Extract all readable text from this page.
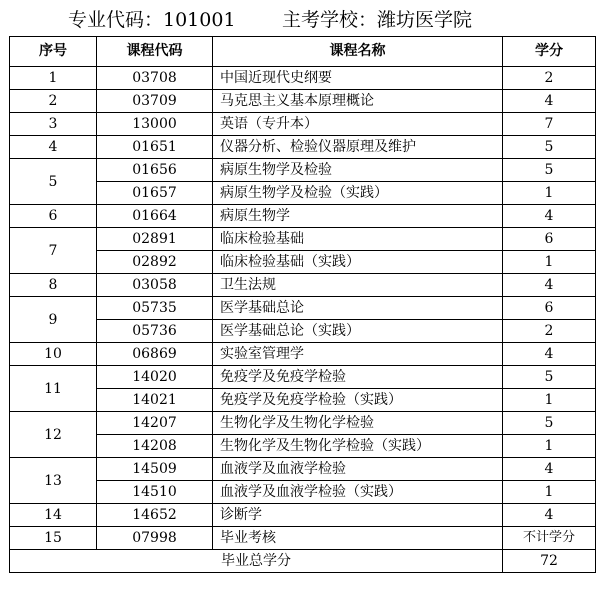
专业代码：101001 主考学校：潍坊医学院
序号	课程代码	课程名称	学分
1	03708	中国近现代史纲要	2
2	03709	马克思主义基本原理概论	4
3	13000	英语（专升本）	7
4	01651	仪器分析、检验仪器原理及维护	5
5	01656	病原生物学及检验	5
	01657	病原生物学及检验（实践）	1
6	01664	病原生物学	4
7	02891	临床检验基础	6
	02892	临床检验基础（实践）	1
8	03058	卫生法规	4
9	05735	医学基础总论	6
	05736	医学基础总论（实践）	2
10	06869	实验室管理学	4
11	14020	免疫学及免疫学检验	5
	14021	免疫学及免疫学检验（实践）	1
12	14207	生物化学及生物化学检验	5
	14208	生物化学及生物化学检验（实践）	1
13	14509	血液学及血液学检验	4
	14510	血液学及血液学检验（实践）	1
14	14652	诊断学	4
15	07998	毕业考核	不计学分
毕业总学分			72
